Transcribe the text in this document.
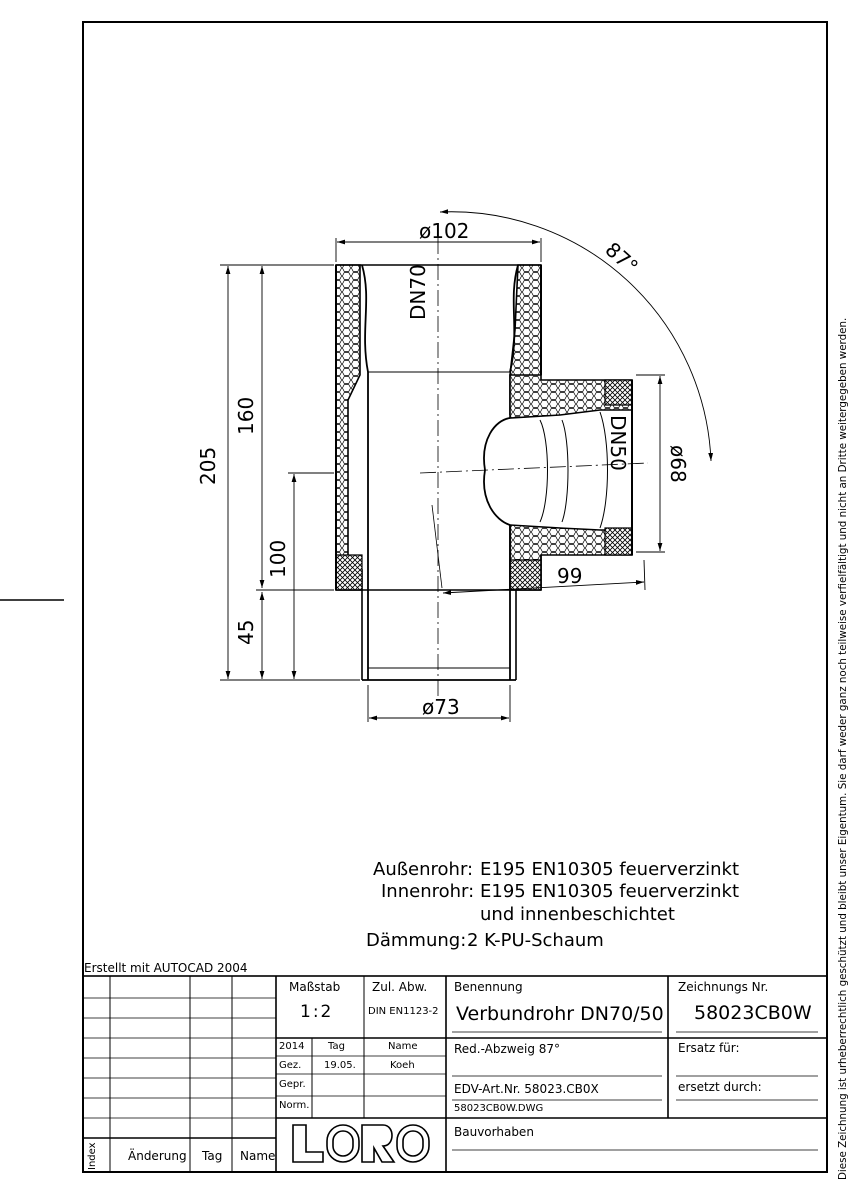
ø102
ø73
87°
205
160
100
45
99
DN70
DN50 ø68
Außenrohr: E195 EN10305 feuerverzinkt
Innenrohr: E195 EN10305 feuerverzinkt
und innenbeschichtet
Dämmung: 2 K-PU-Schaum
Erstellt mit AUTOCAD 2004
Index	Änderung Tag Name
Maßstab
1:2
Zul. Abw.
DIN EN1123-2
2014 Tag	Name
Gez. 19.05.	Koeh
Gepr.
Norm.
Benennung
Verbundrohr DN70/50
Red.-Abzweig 87°
EDV-Art.Nr. 58023.CB0X
58023CB0W.DWG
Bauvorhaben
Zeichnungs Nr.
58023CB0W
Ersatz für:
ersetzt durch:	Diese Zeichnung ist urheberrechtlich geschützt und bleibt unser Eigentum. Sie darf weder ganz noch teilweise verfielfältigt und nicht an Dritte weitergegeben werden.
